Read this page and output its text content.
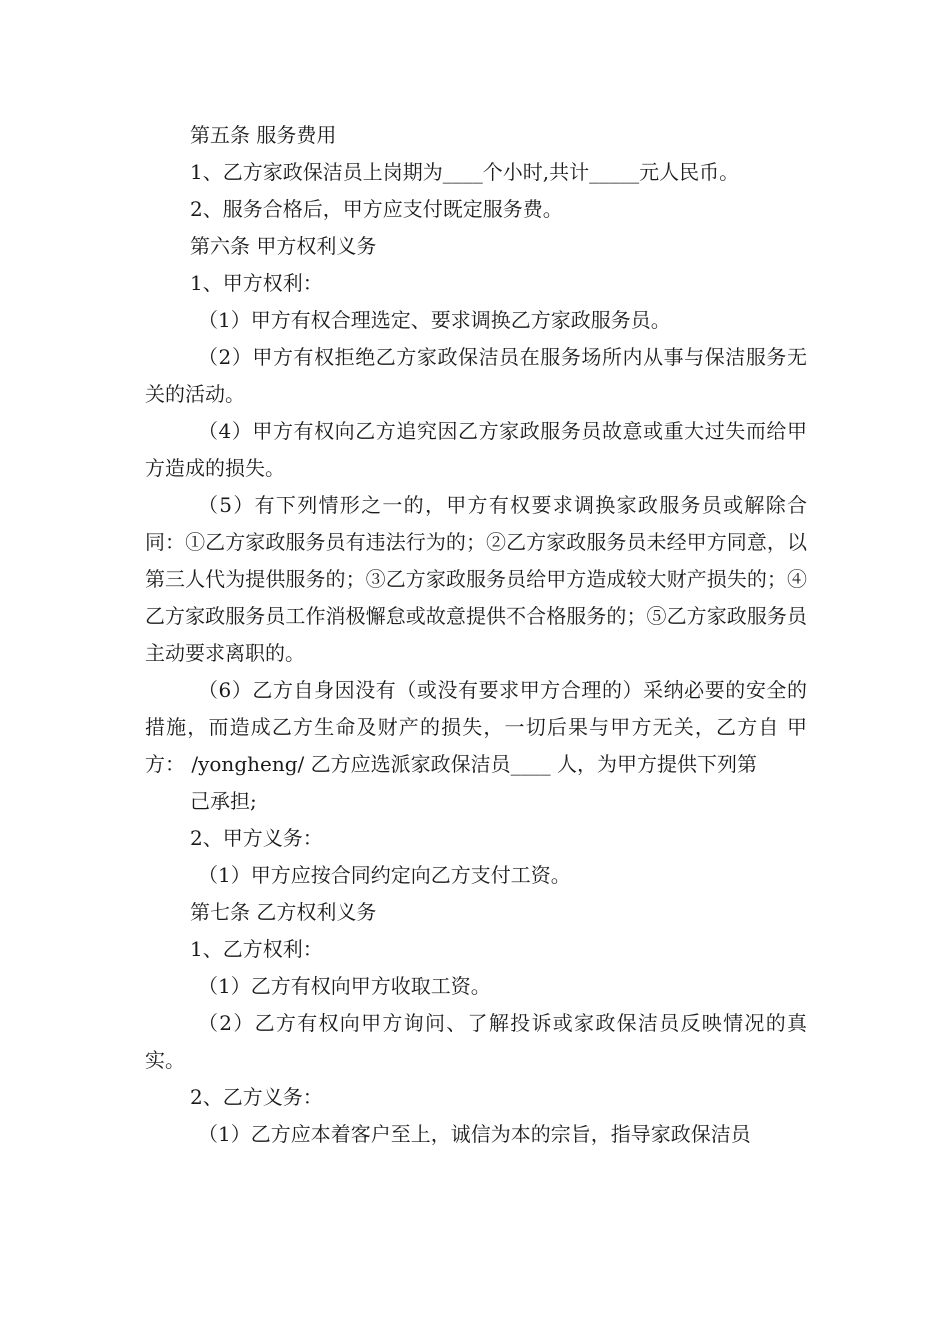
第五条 服务费用

1、乙方家政保洁员上岗期为____个小时,共计_____元人民币。

2、服务合格后，甲方应支付既定服务费。

第六条 甲方权利义务

1、甲方权利：

（1）甲方有权合理选定、要求调换乙方家政服务员。

（2）甲方有权拒绝乙方家政保洁员在服务场所内从事与保洁服务无关的活动。

（4）甲方有权向乙方追究因乙方家政服务员故意或重大过失而给甲方造成的损失。

（5）有下列情形之一的，甲方有权要求调换家政服务员或解除合同：①乙方家政服务员有违法行为的；②乙方家政服务员未经甲方同意，以第三人代为提供服务的；③乙方家政服务员给甲方造成较大财产损失的；④乙方家政服务员工作消极懈怠或故意提供不合格服务的；⑤乙方家政服务员主动要求离职的。

（6）乙方自身因没有（或没有要求甲方合理的）采纳必要的安全的措施，而造成乙方生命及财产的损失，一切后果与甲方无关，乙方自 甲方： /yongheng/ 乙方应选派家政保洁员____ 人，为甲方提供下列第

己承担;

2、甲方义务：

（1）甲方应按合同约定向乙方支付工资。

第七条 乙方权利义务

1、乙方权利：

（1）乙方有权向甲方收取工资。

（2）乙方有权向甲方询问、了解投诉或家政保洁员反映情况的真实。

2、乙方义务：

（1）乙方应本着客户至上，诚信为本的宗旨，指导家政保洁员
